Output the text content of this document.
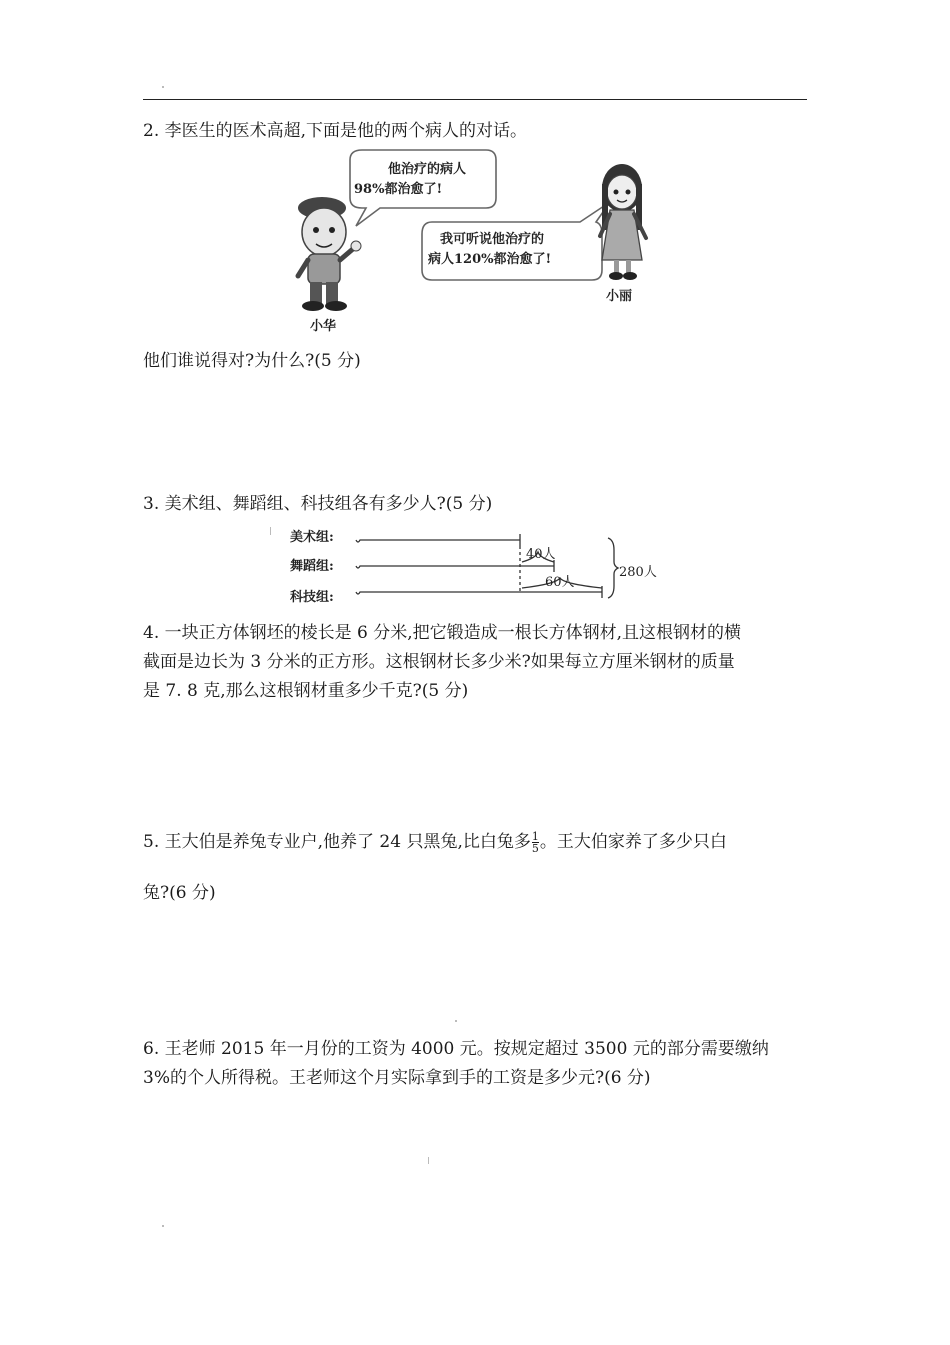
2. 李医生的医术高超,下面是他的两个病人的对话。
他治疗的病人
98%都治愈了!
我可听说他治疗的
病人120%都治愈了!
小华
小丽
他们谁说得对?为什么?(5 分)
3. 美术组、舞蹈组、科技组各有多少人?(5 分)
美术组:
舞蹈组:
科技组:
40人
60人
280人
4. 一块正方体钢坯的棱长是 6 分米,把它锻造成一根长方体钢材,且这根钢材的横
截面是边长为 3 分米的正方形。这根钢材长多少米?如果每立方厘米钢材的质量
是 7. 8 克,那么这根钢材重多少千克?(5 分)
5. 王大伯是养兔专业户,他养了 24 只黑兔,比白兔多 $\frac{1}{5}$ 。王大伯家养了多少只白
兔?(6 分)
6. 王老师 2015 年一月份的工资为 4000 元。按规定超过 3500 元的部分需要缴纳
3%的个人所得税。王老师这个月实际拿到手的工资是多少元?(6 分)
